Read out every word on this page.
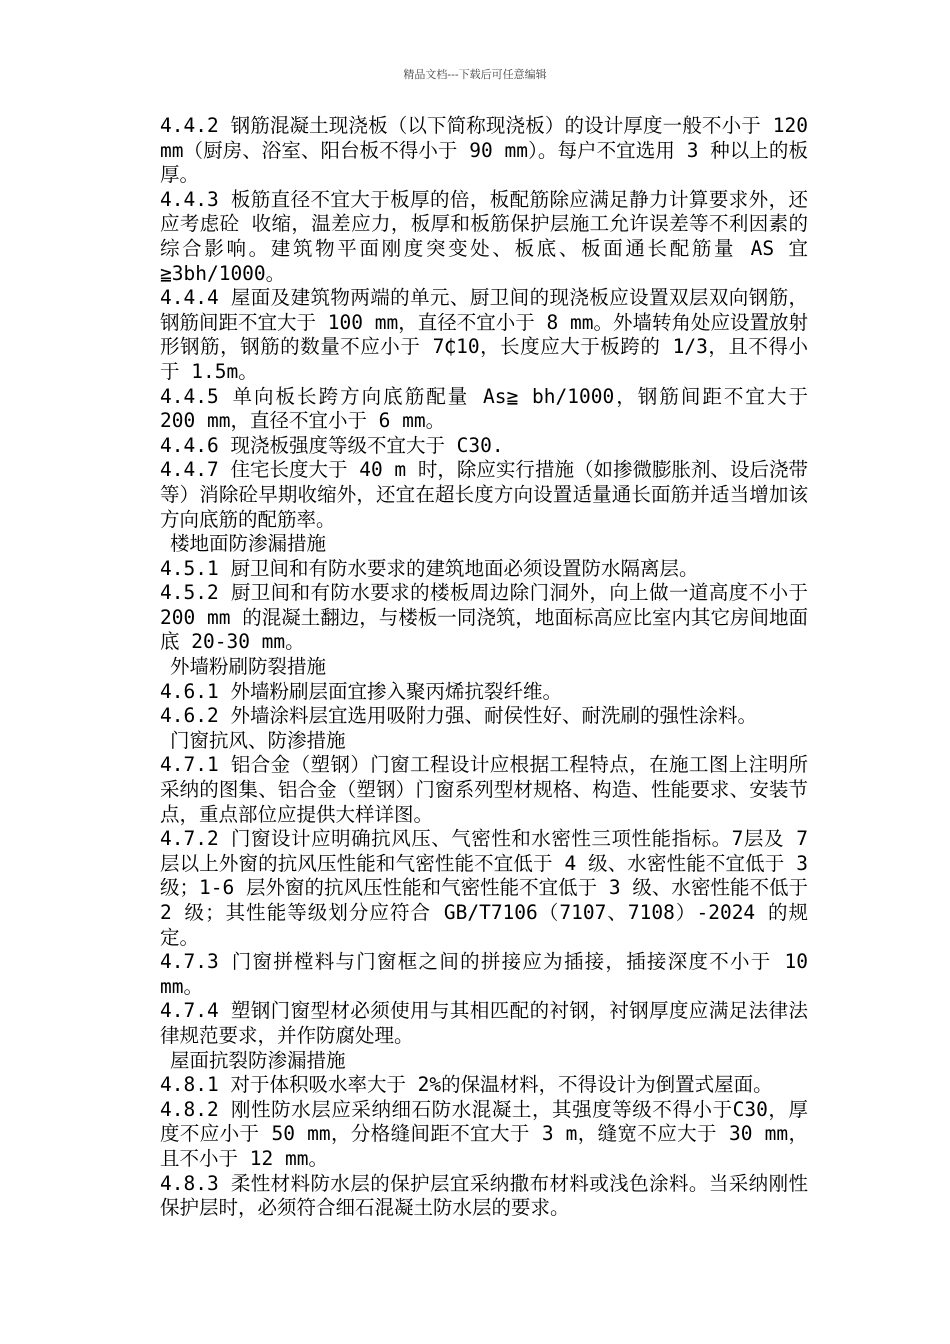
精品文档---下载后可任意编辑

4.4.2 钢筋混凝土现浇板（以下简称现浇板）的设计厚度一般不小于 120 mm（厨房、浴室、阳台板不得小于 90 mm）。每户不宜选用 3 种以上的板厚。

4.4.3 板筋直径不宜大于板厚的倍，板配筋除应满足静力计算要求外，还应考虑砼 收缩，温差应力，板厚和板筋保护层施工允许误差等不利因素的综合影响。建筑物平面刚度突变处、板底、板面通长配筋量 AS 宜≧3bh/1000。

4.4.4 屋面及建筑物两端的单元、厨卫间的现浇板应设置双层双向钢筋，钢筋间距不宜大于 100 mm，直径不宜小于 8 mm。外墙转角处应设置放射形钢筋，钢筋的数量不应小于 7₵10，长度应大于板跨的 1/3，且不得小于 1.5m。

4.4.5 单向板长跨方向底筋配量 As≧ bh/1000，钢筋间距不宜大于 200 mm，直径不宜小于 6 mm。

4.4.6 现浇板强度等级不宜大于 C30.

4.4.7 住宅长度大于 40 m 时，除应实行措施（如掺微膨胀剂、设后浇带等）消除砼早期收缩外，还宜在超长度方向设置适量通长面筋并适当增加该方向底筋的配筋率。

楼地面防渗漏措施

4.5.1 厨卫间和有防水要求的建筑地面必须设置防水隔离层。

4.5.2 厨卫间和有防水要求的楼板周边除门洞外，向上做一道高度不小于 200 mm 的混凝土翻边，与楼板一同浇筑，地面标高应比室内其它房间地面底 20-30 mm。

外墙粉刷防裂措施

4.6.1 外墙粉刷层面宜掺入聚丙烯抗裂纤维。

4.6.2 外墙涂料层宜选用吸附力强、耐侯性好、耐洗刷的强性涂料。

门窗抗风、防渗措施

4.7.1 铝合金（塑钢）门窗工程设计应根据工程特点，在施工图上注明所采纳的图集、铝合金（塑钢）门窗系列型材规格、构造、性能要求、安装节点，重点部位应提供大样详图。

4.7.2 门窗设计应明确抗风压、气密性和水密性三项性能指标。7层及 7 层以上外窗的抗风压性能和气密性能不宜低于 4 级、水密性能不宜低于 3 级；1-6 层外窗的抗风压性能和气密性能不宜低于 3 级、水密性能不低于 2 级；其性能等级划分应符合 GB/T7106（7107、7108）-2024 的规定。

4.7.3 门窗拼樘料与门窗框之间的拼接应为插接，插接深度不小于 10 mm。

4.7.4 塑钢门窗型材必须使用与其相匹配的衬钢，衬钢厚度应满足法律法律规范要求，并作防腐处理。

屋面抗裂防渗漏措施

4.8.1 对于体积吸水率大于 2%的保温材料，不得设计为倒置式屋面。

4.8.2 刚性防水层应采纳细石防水混凝土，其强度等级不得小于C30，厚度不应小于 50 mm，分格缝间距不宜大于 3 m，缝宽不应大于 30 mm，且不小于 12 mm。

4.8.3 柔性材料防水层的保护层宜采纳撒布材料或浅色涂料。当采纳刚性保护层时，必须符合细石混凝土防水层的要求。
